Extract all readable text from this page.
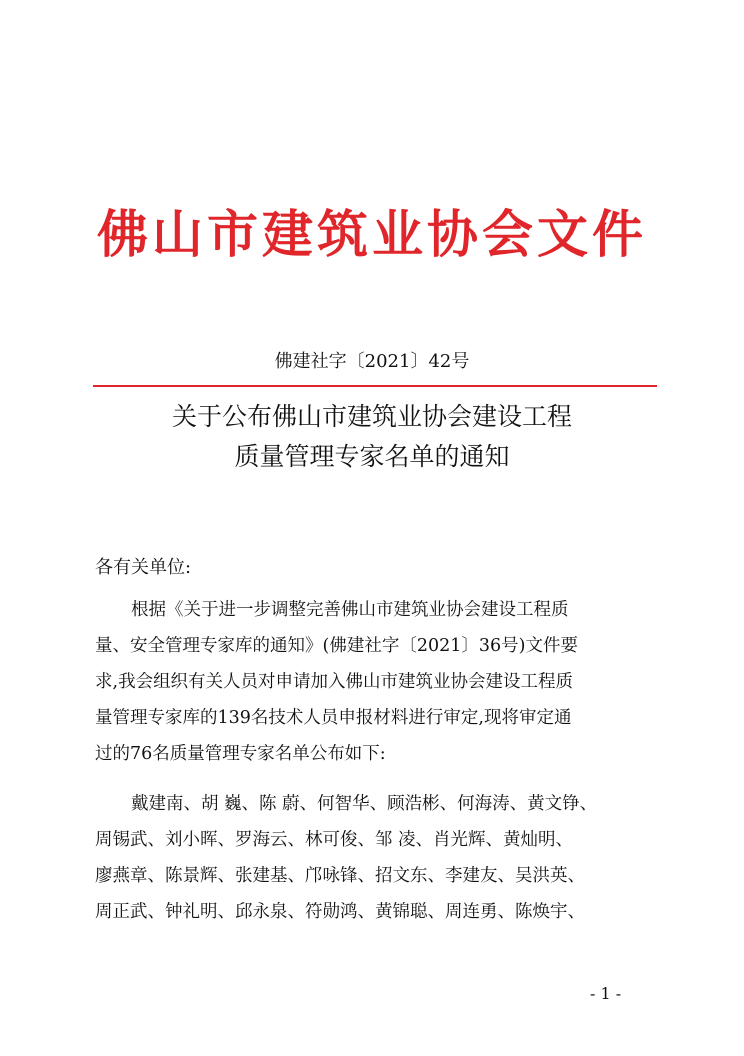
佛山市建筑业协会文件
佛建社字〔2021〕42号
关于公布佛山市建筑业协会建设工程
质量管理专家名单的通知
各有关单位:
根据《关于进一步调整完善佛山市建筑业协会建设工程质
量、安全管理专家库的通知》(佛建社字〔2021〕36号)文件要
求,我会组织有关人员对申请加入佛山市建筑业协会建设工程质
量管理专家库的139名技术人员申报材料进行审定,现将审定通
过的76名质量管理专家名单公布如下:
戴建南、胡 巍、陈 蔚、何智华、顾浩彬、何海涛、黄文铮、
周锡武、刘小晖、罗海云、林可俊、邹 凌、肖光辉、黄灿明、
廖燕章、陈景辉、张建基、邝咏锋、招文东、李建友、吴洪英、
周正武、钟礼明、邱永泉、符勋鸿、黄锦聪、周连勇、陈焕宇、
- 1 -
